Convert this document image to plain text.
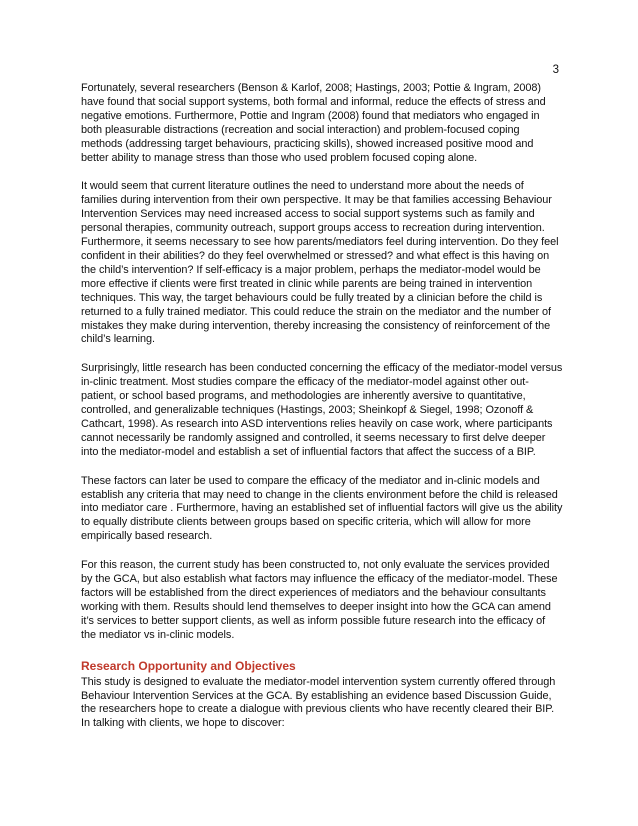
3

Fortunately, several researchers (Benson & Karlof, 2008; Hastings, 2003; Pottie & Ingram, 2008) have found that social support systems, both formal and informal, reduce the effects of stress and negative emotions. Furthermore, Pottie and Ingram (2008) found that mediators who engaged in both pleasurable distractions (recreation and social interaction) and problem-focused coping methods (addressing target behaviours, practicing skills), showed increased positive mood and better ability to manage stress than those who used problem focused coping alone.

It would seem that current literature outlines the need to understand more about the needs of families during intervention from their own perspective. It may be that families accessing Behaviour Intervention Services may need increased access to social support systems such as family and personal therapies, community outreach, support groups access to recreation during intervention. Furthermore, it seems necessary to see how parents/mediators feel during intervention. Do they feel confident in their abilities? do they feel overwhelmed or stressed? and what effect is this having on the child’s intervention? If self-efficacy is a major problem, perhaps the mediator-model would be more effective if clients were first treated in clinic while parents are being trained in intervention techniques. This way, the target behaviours could be fully treated by a clinician before the child is returned to a fully trained mediator. This could reduce the strain on the mediator and the number of mistakes they make during intervention, thereby increasing the consistency of reinforcement of the child’s learning.

Surprisingly, little research has been conducted concerning the efficacy of the mediator-model versus in-clinic treatment. Most studies compare the efficacy of the mediator-model against other out-patient, or school based programs, and methodologies are inherently aversive to quantitative, controlled, and generalizable techniques (Hastings, 2003; Sheinkopf & Siegel, 1998; Ozonoff & Cathcart, 1998). As research into ASD interventions relies heavily on case work, where participants cannot necessarily be randomly assigned and controlled, it seems necessary to first delve deeper into the mediator-model and establish a set of influential factors that affect the success of a BIP.

These factors can later be used to compare the efficacy of the mediator and in-clinic models and establish any criteria that may need to change in the clients environment before the child is released into mediator care . Furthermore, having an established set of influential factors will give us the ability to equally distribute clients between groups based on specific criteria, which will allow for more empirically based research.

For this reason, the current study has been constructed to, not only evaluate the services provided by the GCA, but also establish what factors may influence the efficacy of the mediator-model. These factors will be established from the direct experiences of mediators and the behaviour consultants working with them. Results should lend themselves to deeper insight into how the GCA can amend it’s services to better support clients, as well as inform possible future research into the efficacy of the mediator vs in-clinic models.

Research Opportunity and Objectives

This study is designed to evaluate the mediator-model intervention system currently offered through Behaviour Intervention Services at the GCA. By establishing an evidence based Discussion Guide, the researchers hope to create a dialogue with previous clients who have recently cleared their BIP. In talking with clients, we hope to discover:
